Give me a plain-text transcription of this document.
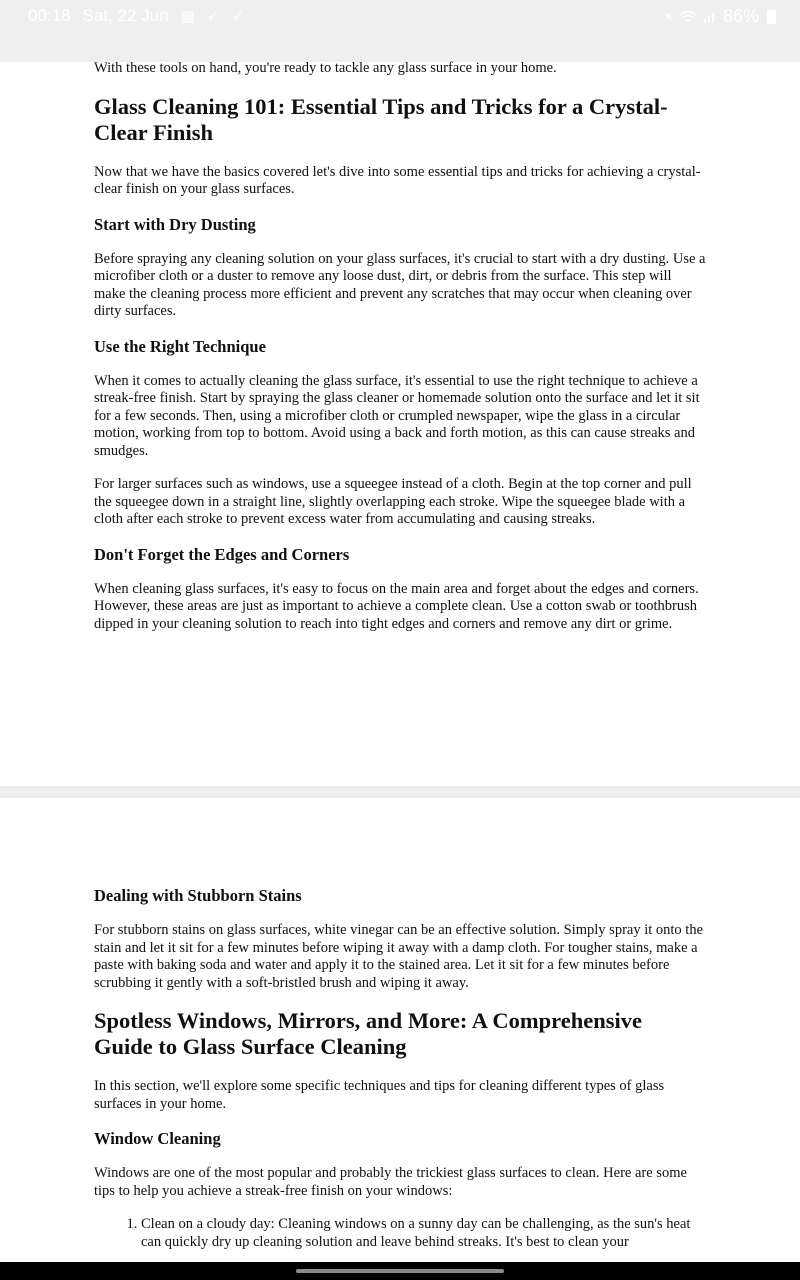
00:18 Sat, 22 Jun ▦ ✓ ✓	×	86%

With these tools on hand, you're ready to tackle any glass surface in your home.

Glass Cleaning 101: Essential Tips and Tricks for a Crystal-Clear Finish

Now that we have the basics covered let's dive into some essential tips and tricks for achieving a crystal-clear finish on your glass surfaces.

Start with Dry Dusting

Before spraying any cleaning solution on your glass surfaces, it's crucial to start with a dry dusting. Use a microfiber cloth or a duster to remove any loose dust, dirt, or debris from the surface. This step will make the cleaning process more efficient and prevent any scratches that may occur when cleaning over dirty surfaces.

Use the Right Technique

When it comes to actually cleaning the glass surface, it's essential to use the right technique to achieve a streak-free finish. Start by spraying the glass cleaner or homemade solution onto the surface and let it sit for a few seconds. Then, using a microfiber cloth or crumpled newspaper, wipe the glass in a circular motion, working from top to bottom. Avoid using a back and forth motion, as this can cause streaks and smudges.

For larger surfaces such as windows, use a squeegee instead of a cloth. Begin at the top corner and pull the squeegee down in a straight line, slightly overlapping each stroke. Wipe the squeegee blade with a cloth after each stroke to prevent excess water from accumulating and causing streaks.

Don't Forget the Edges and Corners

When cleaning glass surfaces, it's easy to focus on the main area and forget about the edges and corners. However, these areas are just as important to achieve a complete clean. Use a cotton swab or toothbrush dipped in your cleaning solution to reach into tight edges and corners and remove any dirt or grime.

Dealing with Stubborn Stains

For stubborn stains on glass surfaces, white vinegar can be an effective solution. Simply spray it onto the stain and let it sit for a few minutes before wiping it away with a damp cloth. For tougher stains, make a paste with baking soda and water and apply it to the stained area. Let it sit for a few minutes before scrubbing it gently with a soft-bristled brush and wiping it away.

Spotless Windows, Mirrors, and More: A Comprehensive Guide to Glass Surface Cleaning

In this section, we'll explore some specific techniques and tips for cleaning different types of glass surfaces in your home.

Window Cleaning

Windows are one of the most popular and probably the trickiest glass surfaces to clean. Here are some tips to help you achieve a streak-free finish on your windows:

1. Clean on a cloudy day: Cleaning windows on a sunny day can be challenging, as the sun's heat can quickly dry up cleaning solution and leave behind streaks. It's best to clean your
